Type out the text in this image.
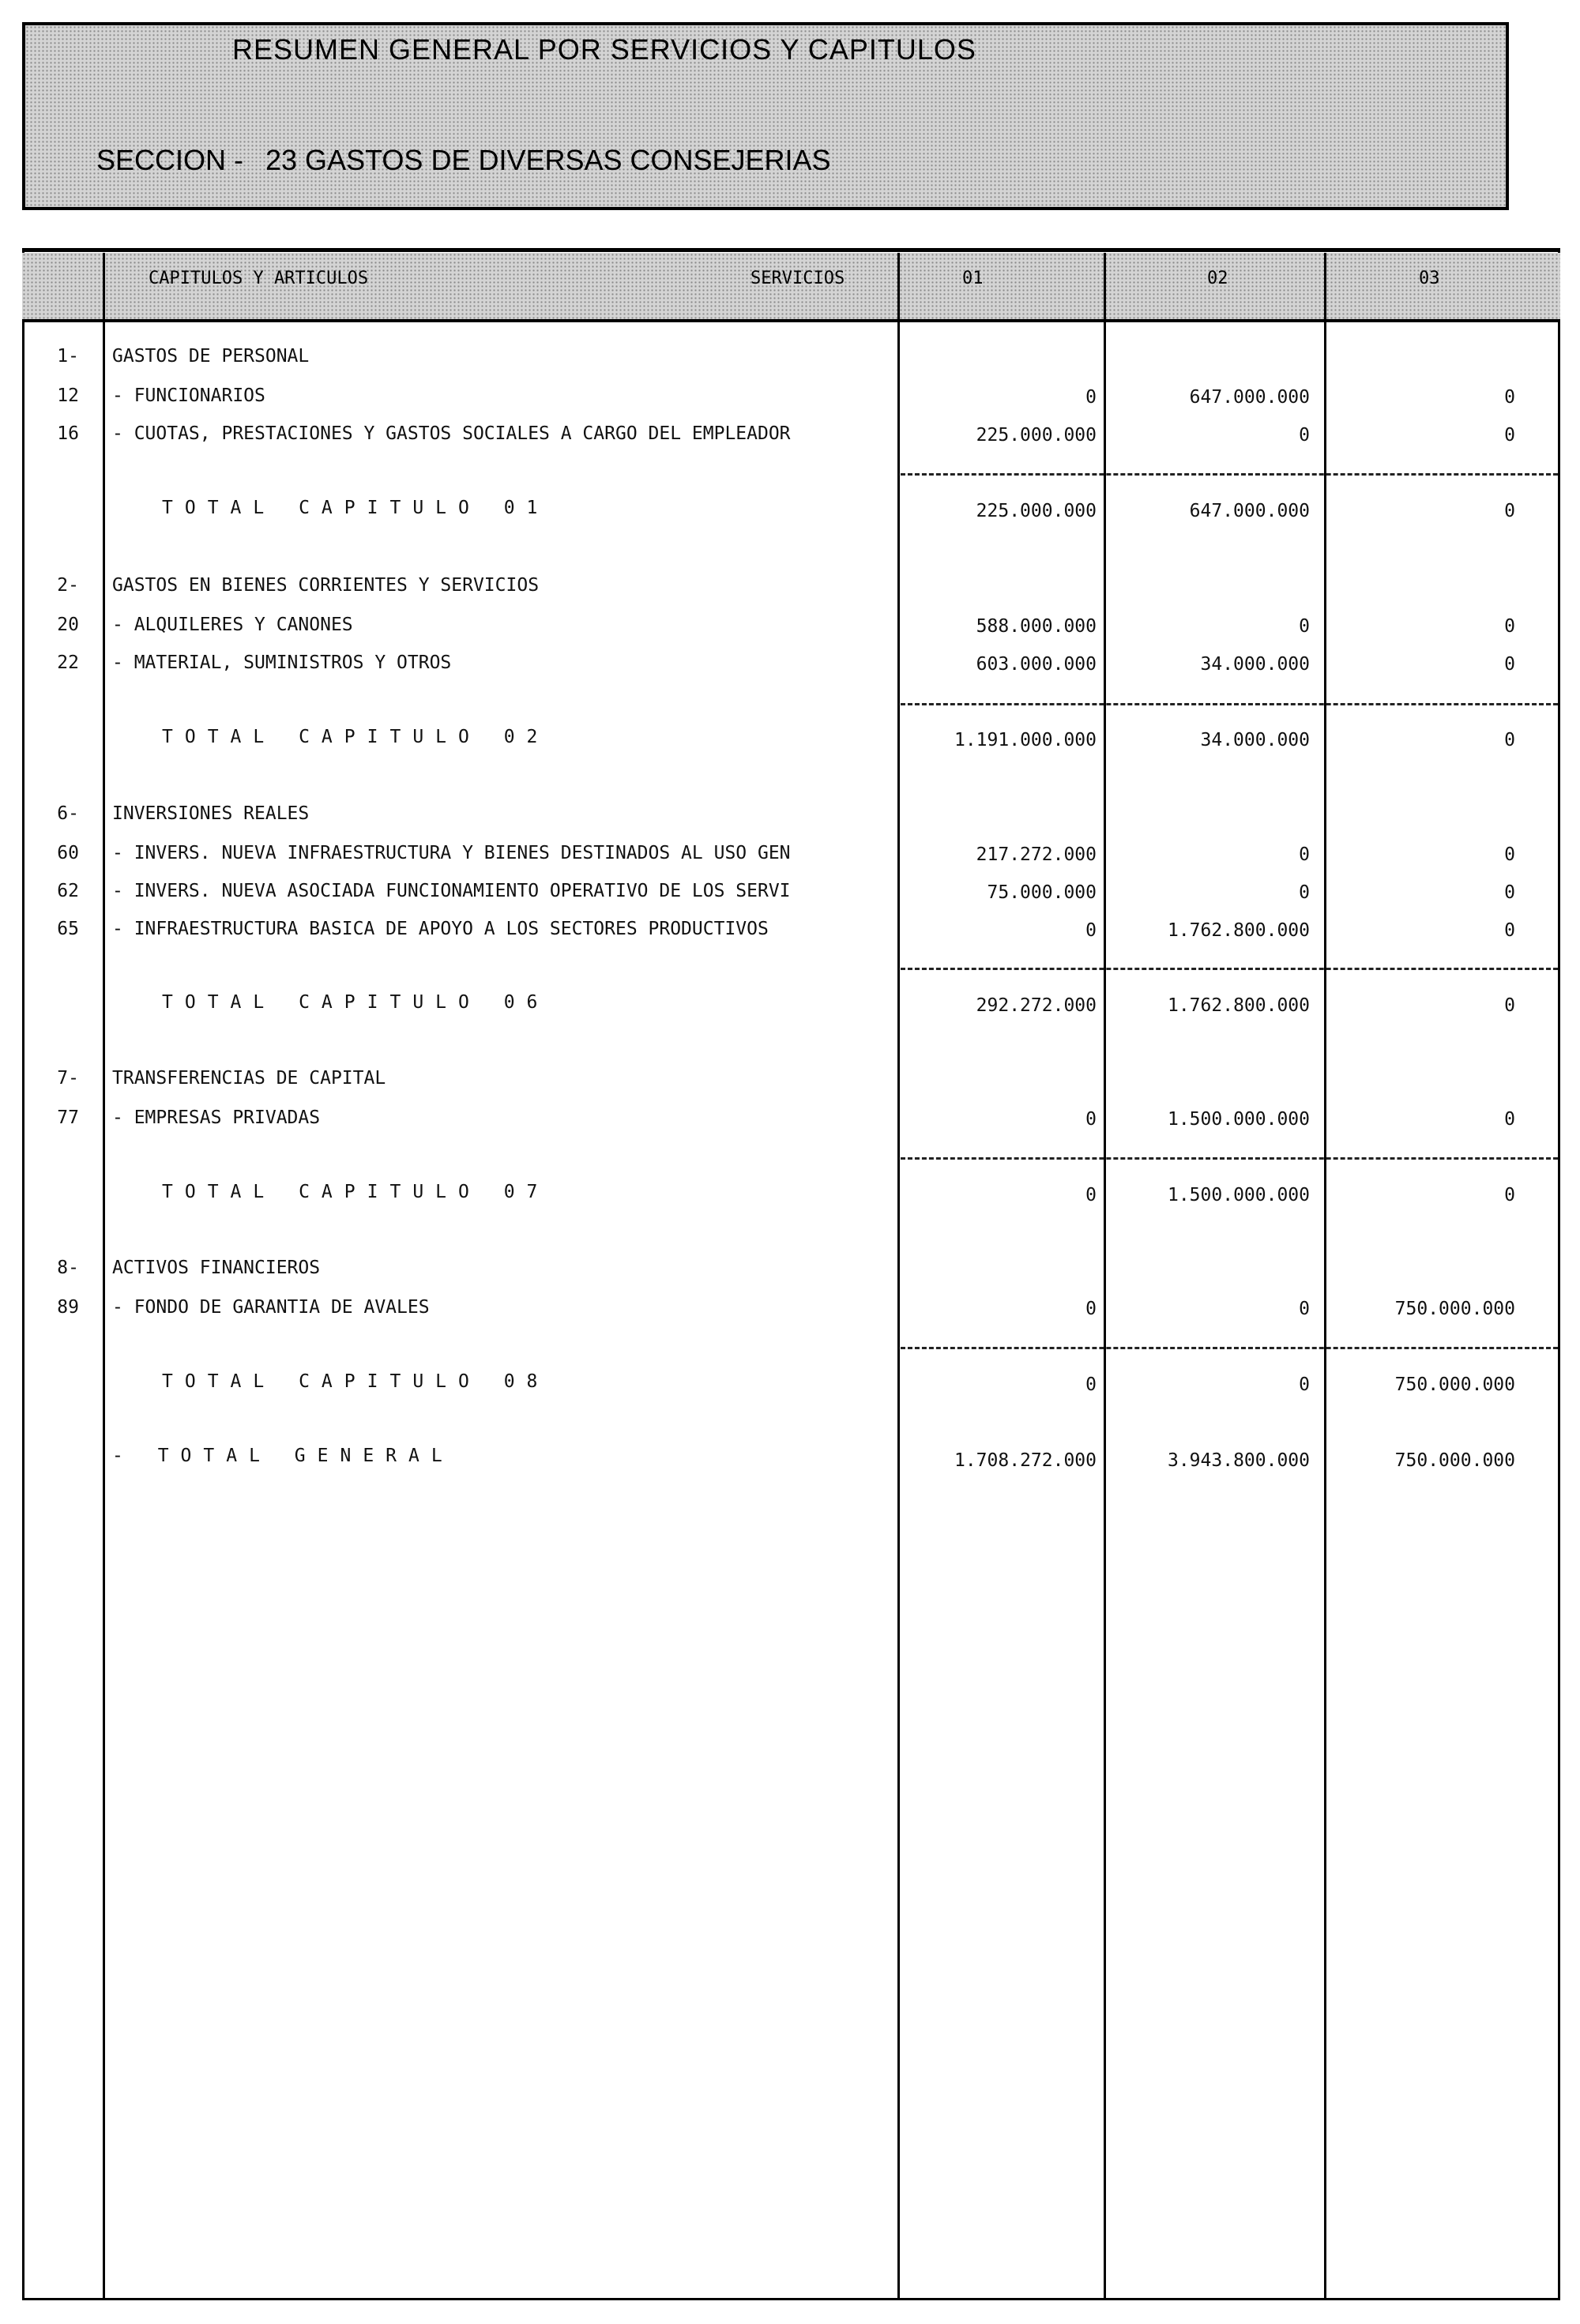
RESUMEN GENERAL POR SERVICIOS Y CAPITULOS
SECCION - 23 GASTOS DE DIVERSAS CONSEJERIAS
CAPITULOS Y ARTICULOS	SERVICIOS	01	02	03
1- GASTOS DE PERSONAL
12 - FUNCIONARIOS	0	647.000.000	0
16 - CUOTAS, PRESTACIONES Y GASTOS SOCIALES A CARGO DEL EMPLEADOR	225.000.000	0	0
TOTAL CAPITULO 01	225.000.000	647.000.000	0
2- GASTOS EN BIENES CORRIENTES Y SERVICIOS
20 - ALQUILERES Y CANONES	588.000.000	0	0
22 - MATERIAL, SUMINISTROS Y OTROS	603.000.000	34.000.000	0
TOTAL CAPITULO 02	1.191.000.000	34.000.000	0
6- INVERSIONES REALES
60 - INVERS. NUEVA INFRAESTRUCTURA Y BIENES DESTINADOS AL USO GEN	217.272.000	0	0
62 - INVERS. NUEVA ASOCIADA FUNCIONAMIENTO OPERATIVO DE LOS SERVI	75.000.000	0	0
65 - INFRAESTRUCTURA BASICA DE APOYO A LOS SECTORES PRODUCTIVOS	0	1.762.800.000	0
TOTAL CAPITULO 06	292.272.000	1.762.800.000	0
7- TRANSFERENCIAS DE CAPITAL
77 - EMPRESAS PRIVADAS	0	1.500.000.000	0
TOTAL CAPITULO 07	0	1.500.000.000	0
8- ACTIVOS FINANCIEROS
89 - FONDO DE GARANTIA DE AVALES	0	0	750.000.000
TOTAL CAPITULO 08	0	0	750.000.000
- TOTAL GENERAL	1.708.272.000	3.943.800.000	750.000.000
